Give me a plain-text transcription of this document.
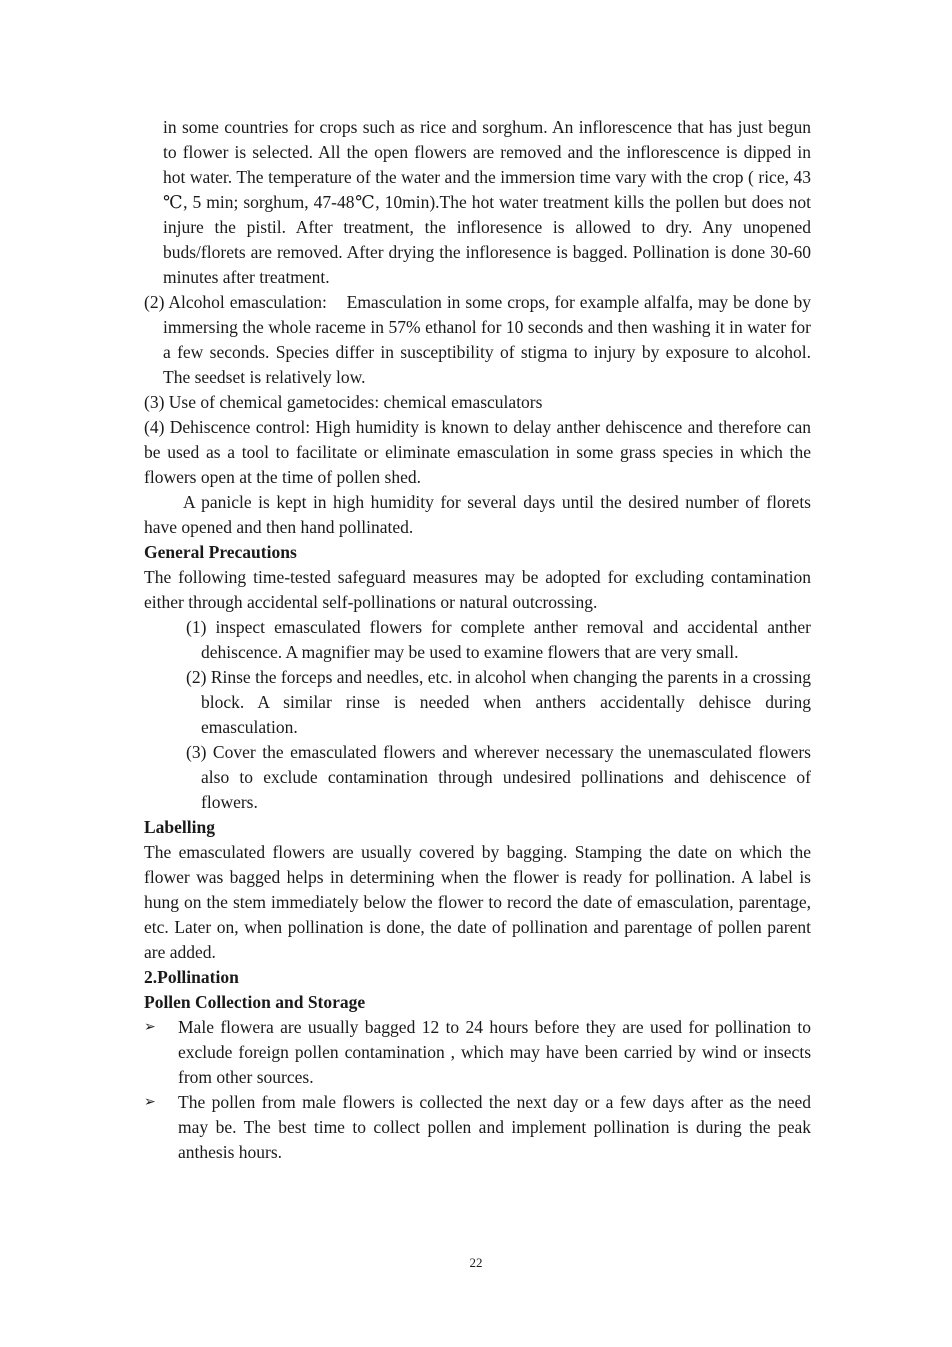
in some countries for crops such as rice and sorghum. An inflorescence that has just begun to flower is selected. All the open flowers are removed and the inflorescence is dipped in hot water. The temperature of the water and the immersion time vary with the crop ( rice, 43 ℃, 5 min; sorghum, 47-48℃, 10min).The hot water treatment kills the pollen but does not injure the pistil. After treatment, the infloresence is allowed to dry. Any unopened buds/florets are removed. After drying the infloresence is bagged. Pollination is done 30-60 minutes after treatment.

(2) Alcohol emasculation:    Emasculation in some crops, for example alfalfa, may be done by immersing the whole raceme in 57% ethanol for 10 seconds and then washing it in water for a few seconds. Species differ in susceptibility of stigma to injury by exposure to alcohol. The seedset is relatively low.

(3) Use of chemical gametocides: chemical emasculators

(4) Dehiscence control: High humidity is known to delay anther dehiscence and therefore can be used as a tool to facilitate or eliminate emasculation in some grass species in which the flowers open at the time of pollen shed.

A panicle is kept in high humidity for several days until the desired number of florets have opened and then hand pollinated.

General Precautions

The following time-tested safeguard measures may be adopted for excluding contamination either through accidental self-pollinations or natural outcrossing.

(1) inspect emasculated flowers for complete anther removal and accidental anther dehiscence. A magnifier may be used to examine flowers that are very small.

(2) Rinse the forceps and needles, etc. in alcohol when changing the parents in a crossing block. A similar rinse is needed when anthers accidentally dehisce during emasculation.

(3) Cover the emasculated flowers and wherever necessary the unemasculated flowers also to exclude contamination through undesired pollinations and dehiscence of flowers.

Labelling

The emasculated flowers are usually covered by bagging. Stamping the date on which the flower was bagged helps in determining when the flower is ready for pollination. A label is hung on the stem immediately below the flower to record the date of emasculation, parentage, etc. Later on, when pollination is done, the date of pollination and parentage of pollen parent are added.

2.Pollination

Pollen Collection and Storage

➢ Male flowera are usually bagged 12 to 24 hours before they are used for pollination to exclude foreign pollen contamination , which may have been carried by wind or insects from other sources.
➢ The pollen from male flowers is collected the next day or a few days after as the need may be. The best time to collect pollen and implement pollination is during the peak anthesis hours.
22
